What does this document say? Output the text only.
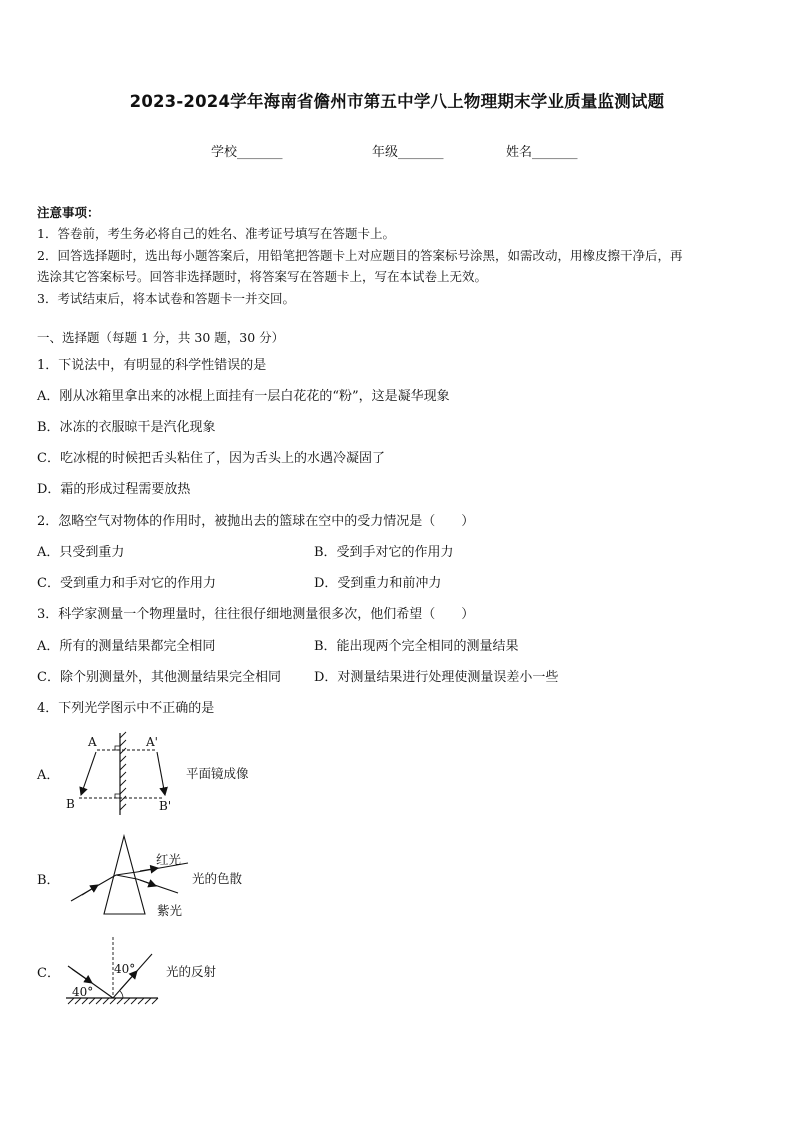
2023-2024学年海南省儋州市第五中学八上物理期末学业质量监测试题
学校_______	年级_______	姓名_______
注意事项：
1．答卷前，考生务必将自己的姓名、准考证号填写在答题卡上。
2．回答选择题时，选出每小题答案后，用铅笔把答题卡上对应题目的答案标号涂黑，如需改动，用橡皮擦干净后，再
选涂其它答案标号。回答非选择题时，将答案写在答题卡上，写在本试卷上无效。
3．考试结束后，将本试卷和答题卡一并交回。
一、选择题（每题 1 分，共 30 题，30 分）
1．下说法中，有明显的科学性错误的是
A．刚从冰箱里拿出来的冰棍上面挂有一层白花花的“粉”，这是凝华现象
B．冰冻的衣服晾干是汽化现象
C．吃冰棍的时候把舌头粘住了，因为舌头上的水遇冷凝固了
D．霜的形成过程需要放热
2．忽略空气对物体的作用时，被抛出去的篮球在空中的受力情况是（　　）
A．只受到重力	B．受到手对它的作用力
C．受到重力和手对它的作用力	D．受到重力和前冲力
3．科学家测量一个物理量时，往往很仔细地测量很多次，他们希望（　　）
A．所有的测量结果都完全相同	B．能出现两个完全相同的测量结果
C．除个别测量外，其他测量结果完全相同	D．对测量结果进行处理使测量误差小一些
4．下列光学图示中不正确的是
A．	平面镜成像
B．	光的色散
红光
紫光
C．	光的反射
A	A'
B	B'
40°
40°
